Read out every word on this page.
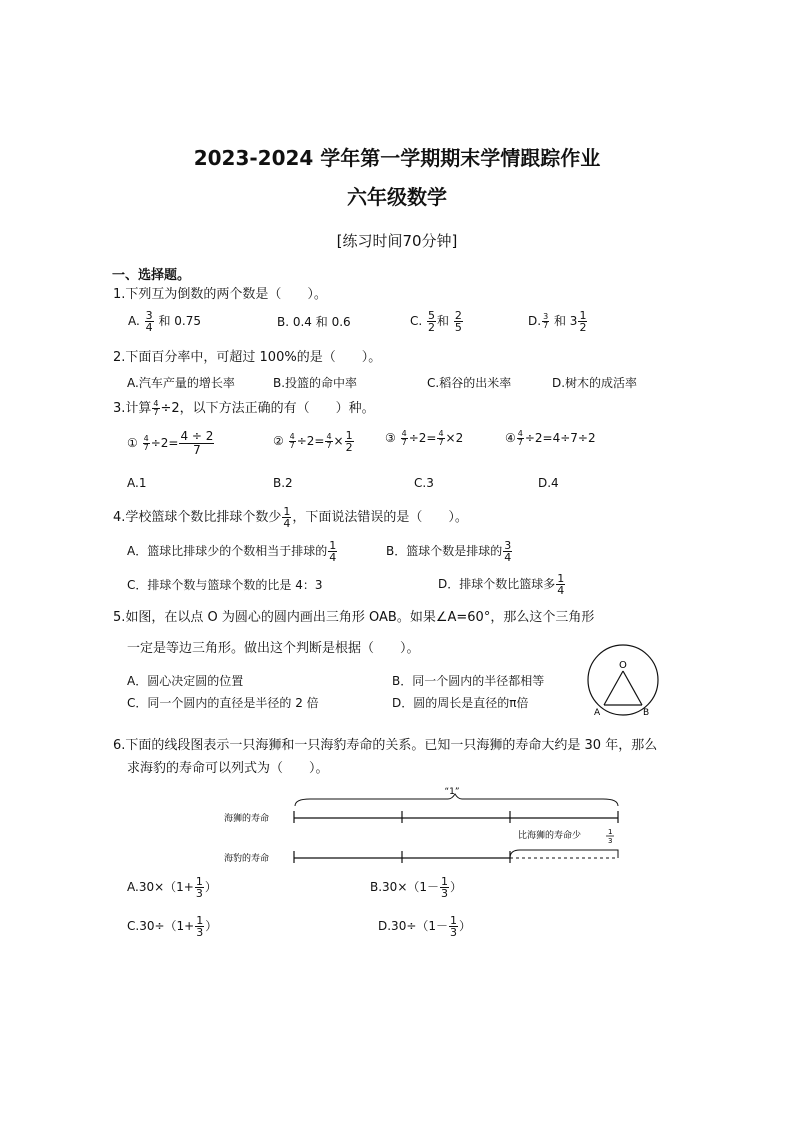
2023-2024 学年第一学期期末学情跟踪作业
六年级数学
[练习时间70分钟]
一、选择题。
1.下列互为倒数的两个数是（　　）。
A. $\frac{3}{4}$ 和 0.75	B. 0.4 和 0.6	C. $\frac{5}{2}$ 和 $\frac{2}{5}$	D. $\frac{3}{7}$ 和 $3 \frac{1}{2}$
2.下面百分率中，可超过 100%的是（　　）。
A.汽车产量的增长率	B.投篮的命中率	C.稻谷的出米率	D.树木的成活率
3.计算 $\frac{4}{7} \div 2$，以下方法正确的有（　　）种。
① $\frac{4}{7} \div 2= \frac{4 \div 2}{7}$	② $\frac{4}{7} \div 2= \frac{4}{7} \times \frac{1}{2}$	③ $\frac{4}{7} \div 2= \frac{4}{7} \times 2$	④ $\frac{4}{7} \div 2=4\div 7\div 2$
A.1	B.2	C.3	D.4
4.学校篮球个数比排球个数少 $\frac{1}{4}$ ，下面说法错误的是（　　）。
A．篮球比排球少的个数相当于排球的 $\frac{1}{4}$	B．篮球个数是排球的 $\frac{3}{4}$
C．排球个数与篮球个数的比是 4：3	D．排球个数比篮球多 $\frac{1}{4}$
5.如图，在以点 O 为圆心的圆内画出三角形 OAB。如果∠A=60°，那么这个三角形
一定是等边三角形。做出这个判断是根据（　　）。
A．圆心决定圆的位置	B．同一个圆内的半径都相等
C．同一个圆内的直径是半径的 2 倍	D．圆的周长是直径的π倍
O
A	B
6.下面的线段图表示一只海狮和一只海豹寿命的关系。已知一只海狮的寿命大约是 30 年，那么
求海豹的寿命可以列式为（　　）。
“1”
海狮的寿命
比海狮的寿命少	1
3
海豹的寿命
$A.30\times(1+ \frac{1}{3}$ ）	$B.30\times(1- \frac{1}{3}$ ）
$C.30\div(1+ \frac{1}{3}$ ）	$D.30\div(1- \frac{1}{3}$ ）
